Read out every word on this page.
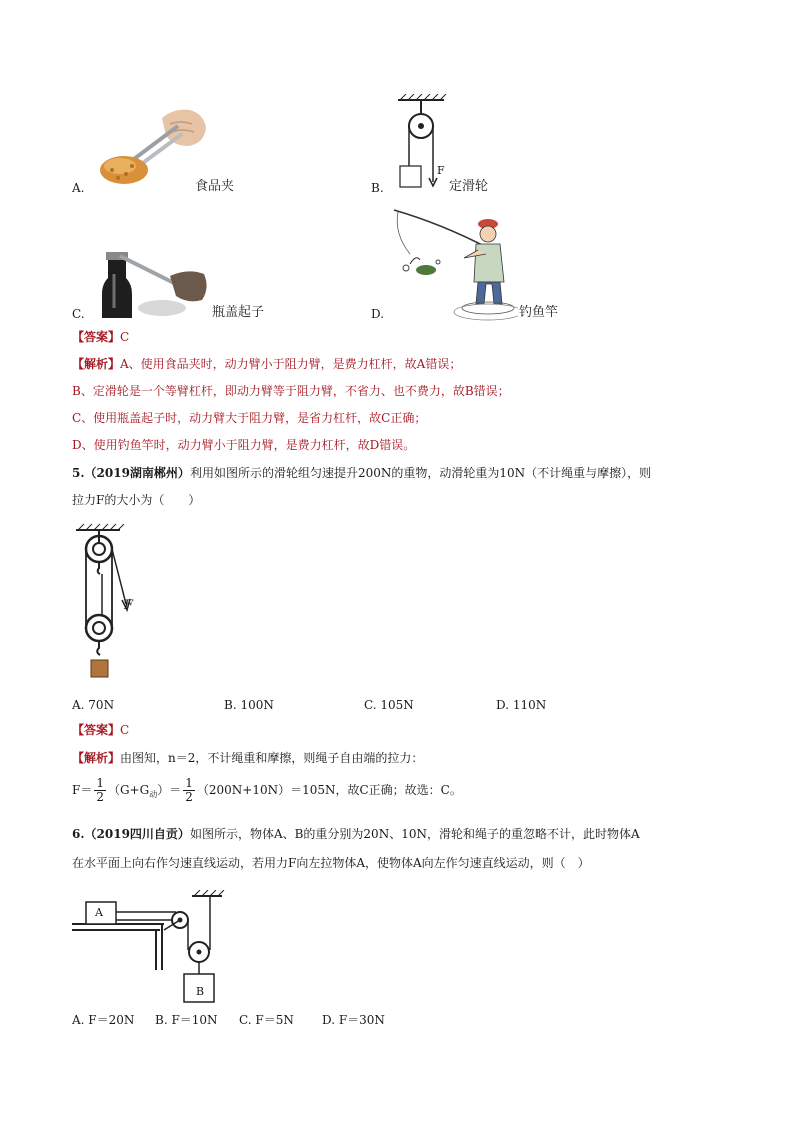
A.	食品夹
F
B.	定滑轮
C.	瓶盖起子	D.	钓鱼竿
【答案】C
【解析】A、使用食品夹时，动力臂小于阻力臂，是费力杠杆，故A错误；
B、定滑轮是一个等臂杠杆，即动力臂等于阻力臂，不省力、也不费力，故B错误；
C、使用瓶盖起子时，动力臂大于阻力臂，是省力杠杆，故C正确；
D、使用钓鱼竿时，动力臂小于阻力臂，是费力杠杆，故D错误。
5.（2019湖南郴州）利用如图所示的滑轮组匀速提升200N的重物，动滑轮重为10N（不计绳重与摩擦），则
拉力F的大小为（　　）
F
A. 70N	B. 100N	C. 105N	D. 110N
【答案】C
【解析】由图知，n＝2，不计绳重和摩擦，则绳子自由端的拉力：
$F= \frac{1}{2} (G+G_动)= \frac{1}{2} (200N+10N)=105N$，故C正确；故选：C。
6.（2019四川自贡）如图所示，物体A、B的重分别为20N、10N，滑轮和绳子的重忽略不计，此时物体A
在水平面上向右作匀速直线运动，若用力F向左拉物体A，使物体A向左作匀速直线运动，则（　）
A
B
A. F＝20N B. F＝10N C. F＝5N D. F＝30N
